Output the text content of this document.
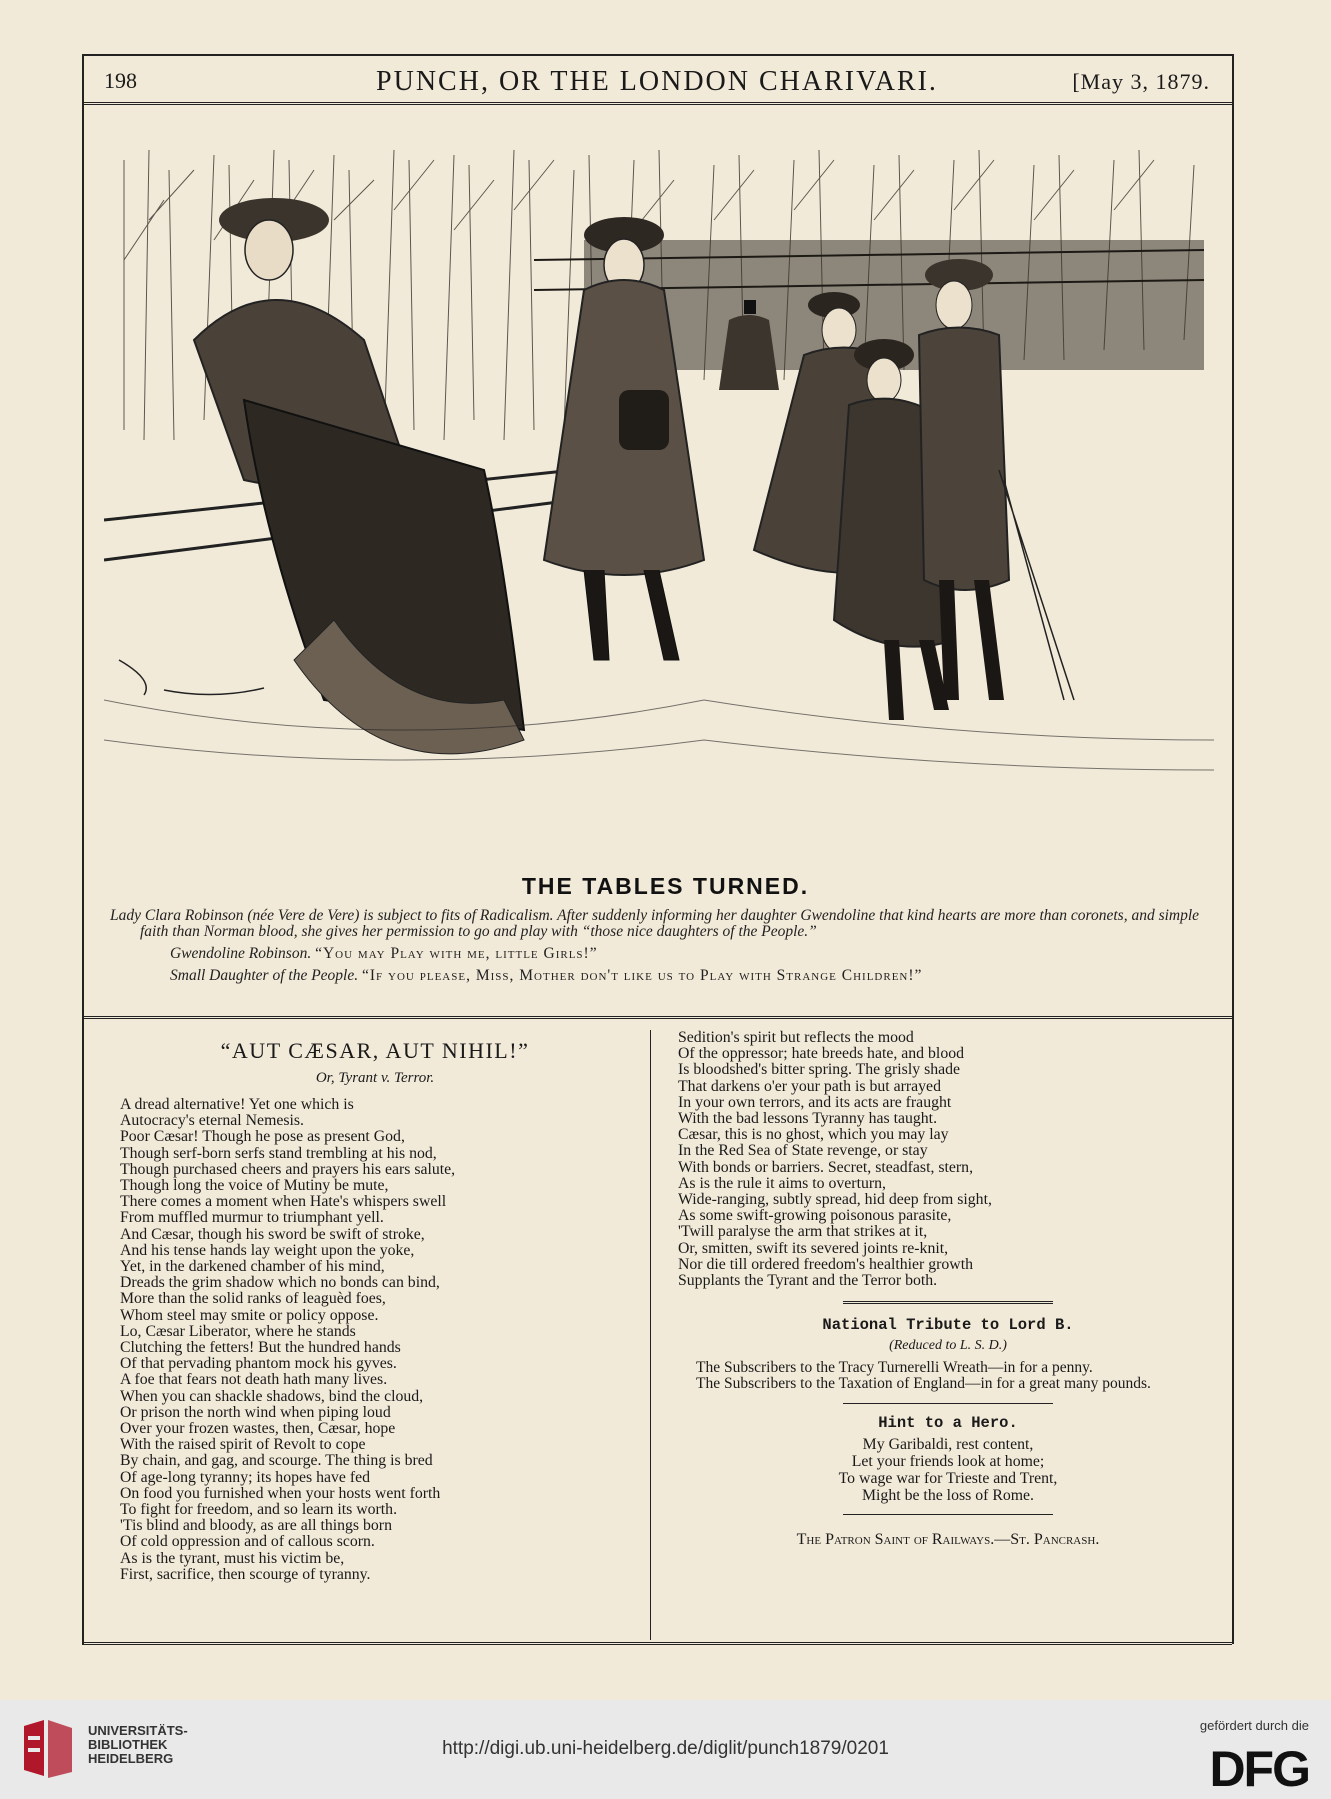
198	PUNCH, OR THE LONDON CHARIVARI.	[May 3, 1879.
THE TABLES TURNED.
Lady Clara Robinson (née Vere de Vere) is subject to fits of Radicalism. After suddenly informing her daughter Gwendoline that kind hearts are more than coronets, and simple faith than Norman blood, she gives her permission to go and play with “those nice daughters of the People.”
Gwendoline Robinson. “You may Play with me, little Girls!”
Small Daughter of the People. “If you please, Miss, Mother don't like us to Play with Strange Children!”
“AUT CÆSAR, AUT NIHIL!”
Or, Tyrant v. Terror.
A dread alternative! Yet one which is
Autocracy's eternal Nemesis.
Poor Cæsar! Though he pose as present God,
Though serf-born serfs stand trembling at his nod,
Though purchased cheers and prayers his ears salute,
Though long the voice of Mutiny be mute,
There comes a moment when Hate's whispers swell
From muffled murmur to triumphant yell.
And Cæsar, though his sword be swift of stroke,
And his tense hands lay weight upon the yoke,
Yet, in the darkened chamber of his mind,
Dreads the grim shadow which no bonds can bind,
More than the solid ranks of leaguèd foes,
Whom steel may smite or policy oppose.
Lo, Cæsar Liberator, where he stands
Clutching the fetters! But the hundred hands
Of that pervading phantom mock his gyves.
A foe that fears not death hath many lives.
When you can shackle shadows, bind the cloud,
Or prison the north wind when piping loud
Over your frozen wastes, then, Cæsar, hope
With the raised spirit of Revolt to cope
By chain, and gag, and scourge. The thing is bred
Of age-long tyranny; its hopes have fed
On food you furnished when your hosts went forth
To fight for freedom, and so learn its worth.
'Tis blind and bloody, as are all things born
Of cold oppression and of callous scorn.
As is the tyrant, must his victim be,
First, sacrifice, then scourge of tyranny.
Sedition's spirit but reflects the mood
Of the oppressor; hate breeds hate, and blood
Is bloodshed's bitter spring. The grisly shade
That darkens o'er your path is but arrayed
In your own terrors, and its acts are fraught
With the bad lessons Tyranny has taught.
Cæsar, this is no ghost, which you may lay
In the Red Sea of State revenge, or stay
With bonds or barriers. Secret, steadfast, stern,
As is the rule it aims to overturn,
Wide-ranging, subtly spread, hid deep from sight,
As some swift-growing poisonous parasite,
'Twill paralyse the arm that strikes at it,
Or, smitten, swift its severed joints re-knit,
Nor die till ordered freedom's healthier growth
Supplants the Tyrant and the Terror both.
National Tribute to Lord B.
(Reduced to L. S. D.)
The Subscribers to the Tracy Turnerelli Wreath—in for a penny.
The Subscribers to the Taxation of England—in for a great many pounds.
Hint to a Hero.
My Garibaldi, rest content,
Let your friends look at home;
To wage war for Trieste and Trent,
Might be the loss of Rome.
The Patron Saint of Railways.—St. Pancrash.
UNIVERSITÄTS-
BIBLIOTHEK
HEIDELBERG	http://digi.ub.uni-heidelberg.de/diglit/punch1879/0201
gefördert durch die
DFG
